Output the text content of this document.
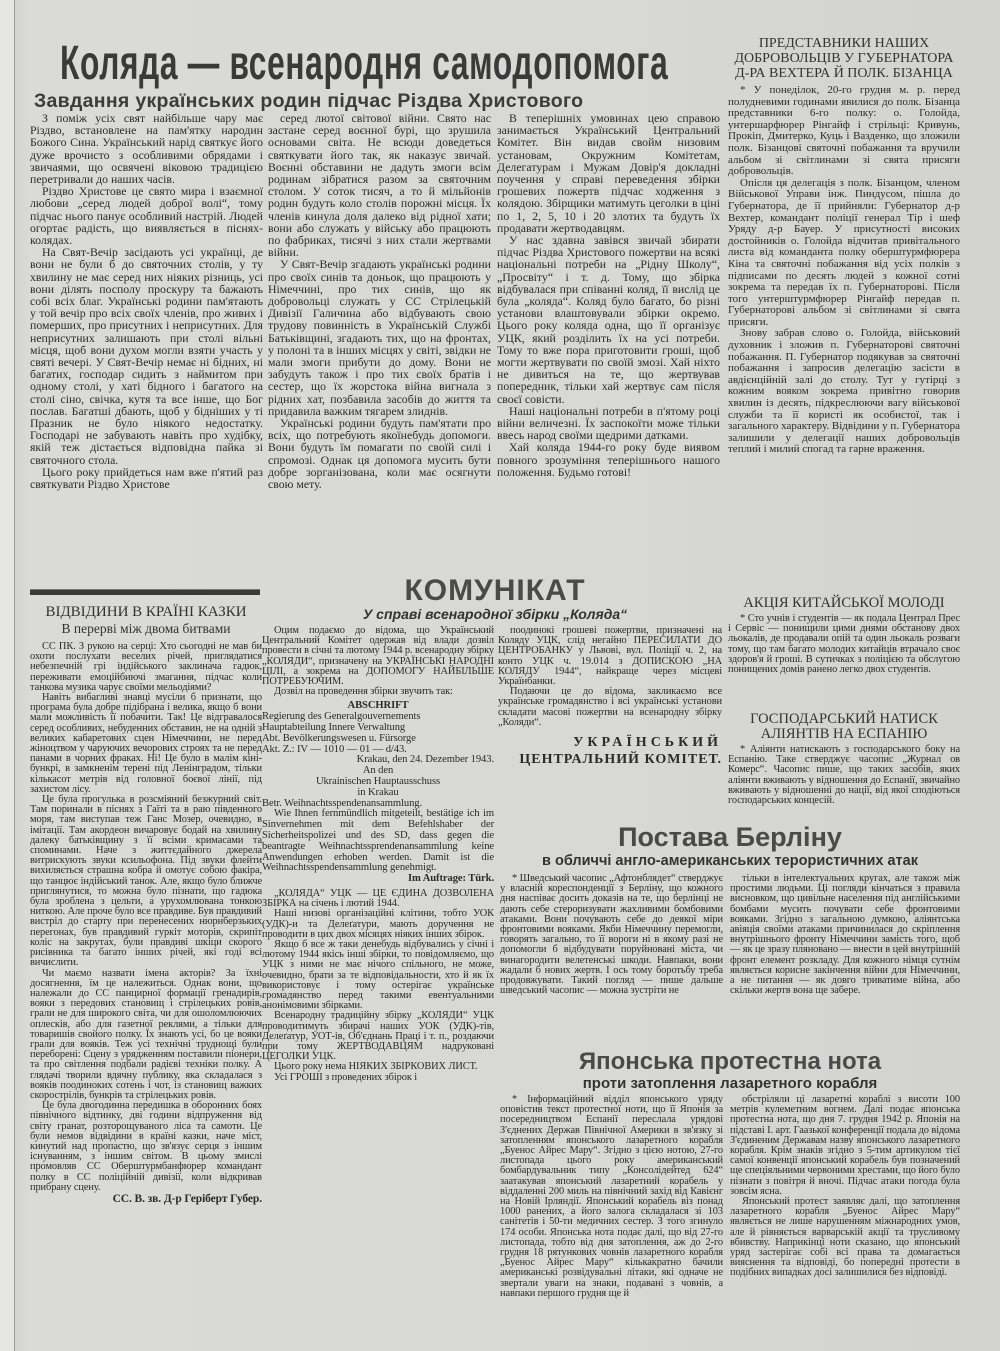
Коляда — всенародня самодопомога
Завдання українських родин підчас Різдва Христового

З поміж усіх свят найбільше чару має Різдво, встановлене на пам'ятку народин Божого Сина. Український нарід святкує його дуже врочисто з особливими обрядами і звичаями, що освячені віковою традицією перетривали до наших часів.

Різдво Христове це свято мира і взаємної любови „серед людей доброї волі“, тому підчас нього панує особливий настрій. Людей огортає радість, що виявляється в піснях-колядах.

На Свят-Вечір засідають усі українці, де вони не були б до святочних столів, у ту хвилину не має серед них ніяких різниць, усі вони ділять посполу проскуру та бажають собі всіх благ. Українські родини пам'ятають у той вечір про всіх своїх членів, про живих і померших, про присутних і неприсутних. Для неприсутних залишають при столі вільні місця, щоб вони духом могли взяти участь у святі вечері. У Свят-Вечір немає ні бідних, ні багатих, господар сидить з наймитом при одному столі, у хаті бідного і багатого на столі сіно, свічка, кутя та все інше, що Бог послав. Багатші дбають, щоб у бідніших у ті Празник не було ніякого недостатку. Господарі не забувають навіть про худібку, якій теж дістається відповідна пайка зі святочного стола.

Цього року прийдеться нам вже п'ятий раз святкувати Різдво Христове

серед лютої світової війни. Свято нас застане серед воєнної бурі, що зрушила основами світа. Не всюди доведеться святкувати його так, як наказує звичай. Воєнні обставини не дадуть змоги всім родинам зібратися разом за святочним столом. У соток тисяч, а то й мільйонів родин будуть коло столів порожні місця. Їх членів кинула доля далеко від рідної хати; вони або служать у війську або працюють по фабриках, тисячі з них стали жертвами війни.

У Свят-Вечір згадають українські родини про своїх синів та доньок, що працюють у Німеччині, про тих синів, що як добровольці служать у СС Стрілецькій Дивізії Галичина або відбувають свою трудову повинність в Українській Службі Батьківщині, згадають тих, що на фронтах, у полоні та в інших місцях у світі, звідки не мали змоги прибути до дому. Вони не забудуть також і про тих своїх братів і сестер, що їх жорстока війна вигнала з рідних хат, позбавила засобів до життя та придавила важким тягарем злиднів.

Українські родини будуть пам'ятати про всіх, що потребують якоїнебудь допомоги. Вони будуть їм помагати по своїй силі і спромозі. Однак ця допомога мусить бути добре зорганізована, коли має осягнути свою мету.

В теперішніх умовинах цею справою занимається Український Центральний Комітет. Він видав свойм низовим установам, Окружним Комітетам, Делегатурам і Мужам Довір'я докладні поучення у справі переведення збірки грошевих пожертв підчас ходження з колядою. Збірщики матимуть цеголки в ціні по 1, 2, 5, 10 і 20 злотих та будуть їх продавати жертводавцям.

У нас здавна завівся звичай збирати підчас Різдва Христового пожертви на всякі національні потреби на „Рідну Школу“, „Просвіту“ і т. д. Тому, що збірка відбувалася при співанні коляд, її вислід це була „коляда“. Коляд було багато, бо різні установи влаштовували збірки окремо. Цього року коляда одна, що її організує УЦК, який розділить їх на усі потреби. Тому то вже пора приготовити гроші, щоб могти жертвувати по своїй змозі. Хай ніхто не дивиться на те, що жертвував попередник, тільки хай жертвує сам після своєї совісти.

Наші національні потреби в п'ятому році війни величезні. Їх заспокоїти може тільки ввесь народ своїми щедрими датками.

Хай коляда 1944-го року буде виявом повного зрозуміння теперішнього нашого положення. Будьмо готові!

ПРЕДСТАВНИКИ НАШИХ ДОБРОВОЛЬЦІВ У ГУБЕРНАТОРА Д-РА ВЕХТЕРА Й ПОЛК. БІЗАНЦА

* У понеділок, 20-го грудня м. р. перед полудневими годинами явилися до полк. Бізанца представники 6-го полку: о. Голойда, унтершарфюрер Рінгайф і стрільці: Кривунь, Прокіп, Дмитерко, Куць і Вазденко, що зложили полк. Бізанцові святочні побажання та вручили альбом зі світлинами зі свята присяги добровольців.

Опісля ця делегація з полк. Бізанцом, членом Військової Управи інж. Пиндусом, пішла до Губернатора, де її прийняли: Губернатор д-р Вехтер, командант поліції генерал Тір і шеф Уряду д-р Бауер. У присутності високих достойників о. Голойда відчитав привітального листа від команданта полку оберштурмфюрера Кіна та святочні побажання від усіх полків з підписами по десять людей з кожної сотні зокрема та передав їх п. Губернаторові. Після того унтерштурмфюрер Рінгайф передав п. Губернаторові альбом зі світлинами зі свята присяги.

Знову забрав слово о. Голойда, військовий духовник і зложив п. Губернаторові святочні побажання. П. Губернатор подякував за святочні побажання і запросив делегацію засісти в авдієнційній залі до столу. Тут у гутірці з кожним вояком зокрема привітно говорив хвилин із десять, підкреслюючи вагу військової служби та її користі як особистої, так і загального характеру. Відвідини у п. Губернатора залишили у делегації наших добровольців теплий і милий спогад та гарне враження.

АКЦІЯ КИТАЙСЬКОЇ МОЛОДІ

* Сто учнів і студентів — як подала Централ Прес і Сервіс — понищили цими днями обстанову двох льокалів, де продавали опій та один льокаль розваги тому, що там багато молодих китайців втрачало своє здоров'я й гроші. В сутичках з поліцією та обслугою понищених домів ранено легко двох студентів.

ГОСПОДАРСЬКИЙ НАТИСК АЛІЯНТІВ НА ЕСПАНІЮ

* Аліянти натискають з господарського боку на Еспанію. Таке стверджує часопис „Журнал ов Комерс“. Часопис пише, що таких засобів, яких аліянти вживають у відношення до Еспанії, звичайно вживають у відношенні до нації, від якої сподіються господарських концесій.

ВІДВІДИНИ В КРАЇНІ КАЗКИ
В перерві між двома битвами

СС ПК. З рукою на серці: Хто сьогодні не мав би охоти послухати веселих річей, приглядатися небезпечній грі індійського заклинача гадюк, переживати емоційбиючі змагання, підчас коли танкова музика чарує своїми мельодіями?

Навіть вибагливі знавці мусіли б признати, що програма була добре підібрана і велика, якщо б вони мали можливість її побачити. Так! Це відгравалося серед особливих, небуденних обставин, не на одній з великих кабаретових сцен Німеччини, не перед жіноцтвом у чаруючих вечорових строях та не перед панами в чорних фраках. Ні! Це було в малім кіні-бункрі, в замкненім терені під Ленінградом, тільки кількасот метрів від головної боєвої лінії, під захистом лісу.

Це була прогулька в розсміяний безжурний світ. Там поринали в піснях з Гаїті та в раю південного моря, там виступав теж Ганс Мозер, очевидно, в імітації. Там акордеон вичаровує бодай на хвилину далеку батьківщину з її всіми кримасами та споминами. Наче з життєдайного джерела витрискують звуки ксильофона. Під звуки флейти вихиляється страшна кобра й омотує собою факіра, що танцює індійський танок. Але, якщо було ближче приглянутися, то можна було пізнати, що гадюка була зроблена з цельти, а урухомлювана тонкою ниткою. Але проче було все правдиве. Був правдивий вистріл до старту при перенесених нюрнберзьких перегонах, був правдивий гуркіт моторів, скрипіт коліс на закрутах, були правдиві шкіци скорого рисівника та багато інших річей, які годі всі вичислити.

Чи маємо назвати імена акторів? За їхні досягнення, їм це належиться. Однак вони, що належали до СС панцирної формації гренадирів, вояки з передових становищ і стрілецьких ровів, грали не для широкого світа, чи для ошоломлюючих оплесків, або для газетної реклями, а тільки для товаришів свойого полку. Їх знають усі, бо це вояки грали для вояків. Теж усі технічні труднощі були переборені: Сцену з урядженням поставили піонери, та про світлення подбали радієві техніки полку. А глядачі творили вдячну публику, яка складалася з вояків поодиноких сотень і чот, із становищ важких скорострілів, бункрів та стрілецьких ровів.

Це була двогодинна передишка в оборонних боях північного відтинку, дві години відпруження від світу гранат, розторощуваного ліса та самоти. Це були немов відвідини в країні казки, наче міст, кинутий над пропастю, що зв'язує серця з іншим існуванням, з іншим світом. В цьому змислі промовляв СС Оберштурмбанфюрер командант полку в СС поліційній дивізії, коли відкривав прибрану сцену.

СС. В. зв. Д-р Геріберт Губер.

КОМУНІКАТ
У справі всенародної збірки „Коляда“

Оцим подаємо до відома, що Український Центральний Комітет одержав від влади дозвіл провести в січні та лютому 1944 р. всенародну збірку „КОЛЯДИ“, призначену на УКРАЇНСЬКІ НАРОДНІ ЦІЛІ, а зокрема на ДОПОМОГУ НАЙБІЛЬШЕ ПОТРЕБУЮЧИМ.

Дозвіл на проведення збірки звучить так:

ABSCHRIFT

Regierung des Generalgouvernements

Hauptabteilung Innere Verwaltung

Abt. Bevölkerungswesen u. Fürsorge

Akt. Z.: IV — 1010 — 01 — d/43.

Krakau, den 24. Dezember 1943.

An den

Ukrainischen Hauptausschuss

in Krakau

Betr. Weihnachtsspendenansammlung.

Wie Ihnen fernmündlich mitgeteilt, bestätige ich im Sinvernehmen mit dem Befehlshaber der Sicherheitspolizei und des SD, dass gegen die beantragte Weihnachtssprendenansammlung keine Anwendungen erhoben werden. Damit ist die Weihnachtsspendensammlung genehmigt.

Im Auftrage: Türk.

„КОЛЯДА“ УЦК — ЦЕ ЄДИНА ДОЗВОЛЕНА ЗБІРКА на січень і лютий 1944.

Наші низові організаційні клітини, тобто УОК (УДК)-и та Делеґатури, мають доручення не проводити в цих двох місяцях ніяких інших збірок.

Якщо б все ж таки денебудь відбувались у січні і лютому 1944 якісь інші збірки, то повідомляємо, що УЦК з ними не має нічого спільного, не може, очевидно, брати за те відповідальности, хто й як їх використовує і тому остерігає українське громадянство перед такими евентуальними анонімовими збірками.

Всенародну традиційну збірку „КОЛЯДИ“ УЦК проводитимуть збирачі наших УОК (УДК)-тів, Делеґатур, УОТ-ів, Об'єднань Праці і т. п., роздаючи при тому ЖЕРТВОДАВЦЯМ надруковані ЦЕГОЛКИ УЦК.

Цього року нема НІЯКИХ ЗБІРКОВИХ ЛИСТ.

Усі ГРОШІ з проведених збірок і

поодинокі грошеві пожертви, призначені на Коляду УЦК, слід негайно ПЕРЕСИЛАТИ ДО ЦЕНТРОБАНКУ у Львові, вул. Поліції ч. 2, на конто УЦК ч. 19.014 з ДОПИСКОЮ „НА КОЛЯДУ 1944“, найкраще через місцеві Українбанки.

Подаючи це до відома, закликаємо все українське громадянство і всі українські установи складати масові пожертви на всенародну збірку „Коляди“.

УКРАЇНСЬКИЙ
ЦЕНТРАЛЬНИЙ КОМІТЕТ.
Постава Берліну
в обличчі англо-американських терористичних атак

* Шведський часопис „Афтонблядет“ стверджує у власній кореспонденції з Берліну, що кожного дня наспіває досить доказів на те, що берлінці не дають себе стероризувати жахливими бомбовими атаками. Вони почувають себе до деякої міри фронтовими вояками. Якби Німеччину перемогли, говорять загально, то її вороги ні в якому разі не допомогли б відбудувати поруйновані міста, чи винагородити велетенські шкоди. Навпаки, вони жадали б нових жертв. І ось тому боротьбу треба продовжувати. Такий погляд — пише дальше шведський часопис — можна зустріти не

тільки в інтелектуальних кругах, але також між простими людьми. Ці погляди кінчаться з правила висновком, що цивільне населення під англійськими бомбами мусить почувати себе фронтовими вояками. Згідно з загальною думкою, аліянтська авіяція своїми атаками причинилася до скріплення внутрішнього фронту Німеччини замість того, щоб — як це зразу пляновано — внести в цей внутрішній фронт елемент розкладу. Для кожного німця сутнім являється корисне закінчення війни для Німеччини, а не питання — як довго триватиме війна, або скільки жертв вона ще забере.

Японська протестна нота
проти затоплення лазаретного корабля

* Інформаційний відділ японського уряду оповістив текст протестної ноти, що її Японія за посередництвом Еспанії переслала урядові З'єднених Держав Північної Америки в зв'язку зі затопленням японського лазаретного корабля „Буенос Айрес Мару“. Згідно з цією нотою, 27-го листопада цього року американський бомбардувальник типу „Консолідейтед 624“ заатакував японський лазаретний корабель у віддаленні 200 миль на північний захід від Кавієнг на Новій Ірляндії. Японський корабель віз понад 1000 ранених, а його залога складалася зі 103 санітетів і 50-ти медичних сестер. З того згинуло 174 особи. Японська нота подає далі, що від 27-го листопада, тобто від дня затоплення, аж до 2-го грудня 18 рятункових човнів лазаретного корабля „Буенос Айрес Мару“ кількакратно бачили американські розвідувальні літаки, які одначе не звертали уваги на знаки, подавані з човнів, а навпаки першого грудня ще й

обстріляли ці лазаретні кораблі з висоти 100 метрів кулеметним вогнем. Далі подає японська протестна нота, що дня 7. грудня 1942 р. Японія на підставі І. арт. Гаазької конференції подала до відома З'єдиненим Державам назву японського лазаретного корабля. Крім знаків згідно з 5-тим артикулом тієї самої конвенції японський корабель був позначений ще спеціяльними червоними хрестами, що його було пізнати з повітря й вночі. Підчас атаки погода була зовсім ясна.

Японський протест заявляє далі, що затоплення лазаретного корабля „Буенос Айрес Мару“ являється не лише нарушенням міжнародних умов, але й рівняється варварській акції та трусливому вбивству. Наприкінці ноти сказано, що японський уряд застерігає собі всі права та домагається вияснення та відповіді, бо попередні протести в подібних випадках досі залишилися без відповіді.
